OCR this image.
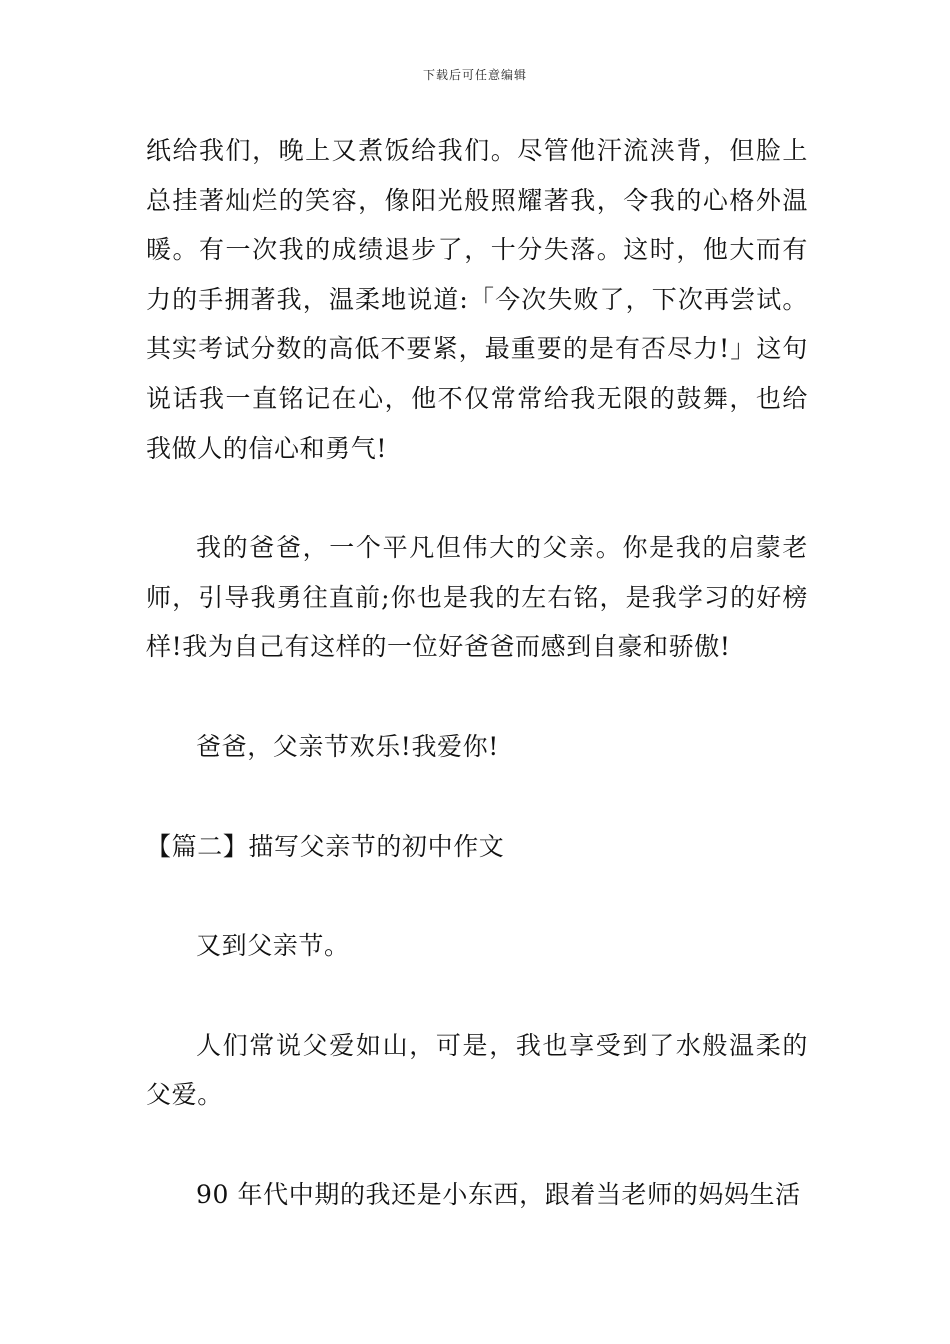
下载后可任意编辑

纸给我们，晚上又煮饭给我们。尽管他汗流浃背，但脸上总挂著灿烂的笑容，像阳光般照耀著我，令我的心格外温暖。有一次我的成绩退步了，十分失落。这时，他大而有力的手拥著我，温柔地说道:「今次失败了，下次再尝试。其实考试分数的高低不要紧，最重要的是有否尽力!」这句说话我一直铭记在心，他不仅常常给我无限的鼓舞，也给我做人的信心和勇气!

我的爸爸，一个平凡但伟大的父亲。你是我的启蒙老师，引导我勇往直前;你也是我的左右铭，是我学习的好榜样!我为自己有这样的一位好爸爸而感到自豪和骄傲!

爸爸，父亲节欢乐!我爱你!

【篇二】描写父亲节的初中作文

又到父亲节。

人们常说父爱如山，可是，我也享受到了水般温柔的父爱。

90 年代中期的我还是小东西，跟着当老师的妈妈生活
